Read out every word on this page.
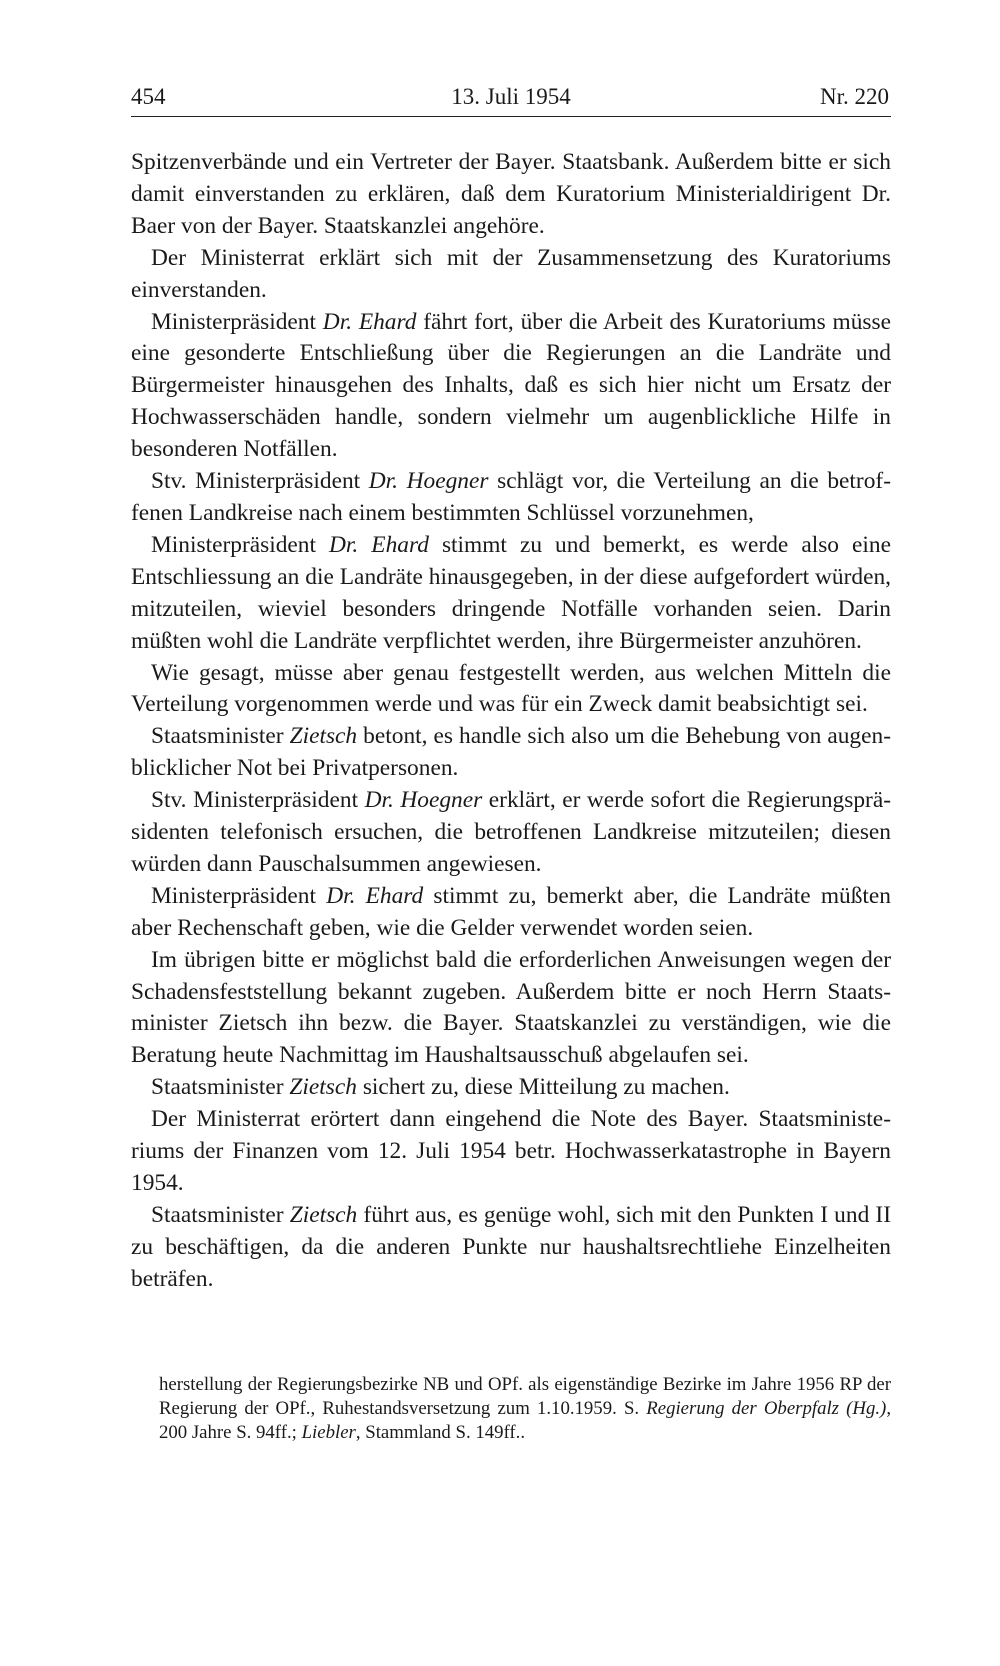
454	13. Juli 1954	Nr. 220

Spitzenverbände und ein Vertreter der Bayer. Staatsbank. Außerdem bitte er sich damit einverstanden zu erklären, daß dem Kuratorium Ministerialdirigent Dr. Baer von der Bayer. Staatskanzlei angehöre.

Der Ministerrat erklärt sich mit der Zusammensetzung des Kuratoriums einverstanden.

Ministerpräsident Dr. Ehard fährt fort, über die Arbeit des Kuratoriums müsse eine gesonderte Entschließung über die Regierungen an die Landräte und Bürgermeister hinausgehen des Inhalts, daß es sich hier nicht um Ersatz der Hochwasserschäden handle, sondern vielmehr um augenblickliche Hilfe in besonderen Notfällen.

Stv. Ministerpräsident Dr. Hoegner schlägt vor, die Verteilung an die betroffenen Landkreise nach einem bestimmten Schlüssel vorzunehmen,

Ministerpräsident Dr. Ehard stimmt zu und bemerkt, es werde also eine Entschliessung an die Landräte hinausgegeben, in der diese aufgefordert würden, mitzuteilen, wieviel besonders dringende Notfälle vorhanden seien. Darin müßten wohl die Landräte verpflichtet werden, ihre Bürgermeister anzuhören.

Wie gesagt, müsse aber genau festgestellt werden, aus welchen Mitteln die Verteilung vorgenommen werde und was für ein Zweck damit beabsichtigt sei.

Staatsminister Zietsch betont, es handle sich also um die Behebung von augenblicklicher Not bei Privatpersonen.

Stv. Ministerpräsident Dr. Hoegner erklärt, er werde sofort die Regierungspräsidenten telefonisch ersuchen, die betroffenen Landkreise mitzuteilen; diesen würden dann Pauschalsummen angewiesen.

Ministerpräsident Dr. Ehard stimmt zu, bemerkt aber, die Landräte müßten aber Rechenschaft geben, wie die Gelder verwendet worden seien.

Im übrigen bitte er möglichst bald die erforderlichen Anweisungen wegen der Schadensfeststellung bekannt zugeben. Außerdem bitte er noch Herrn Staatsminister Zietsch ihn bezw. die Bayer. Staatskanzlei zu verständigen, wie die Beratung heute Nachmittag im Haushaltsausschuß abgelaufen sei.

Staatsminister Zietsch sichert zu, diese Mitteilung zu machen.

Der Ministerrat erörtert dann eingehend die Note des Bayer. Staatsministeriums der Finanzen vom 12. Juli 1954 betr. Hochwasserkatastrophe in Bayern 1954.

Staatsminister Zietsch führt aus, es genüge wohl, sich mit den Punkten I und II zu beschäftigen, da die anderen Punkte nur haushaltsrechtliehe Einzelheiten beträfen.

herstellung der Regierungsbezirke NB und OPf. als eigenständige Bezirke im Jahre 1956 RP der Regierung der OPf., Ruhestandsversetzung zum 1.10.1959. S. Regierung der Oberpfalz (Hg.), 200 Jahre S. 94ff.; Liebler, Stammland S. 149ff..
